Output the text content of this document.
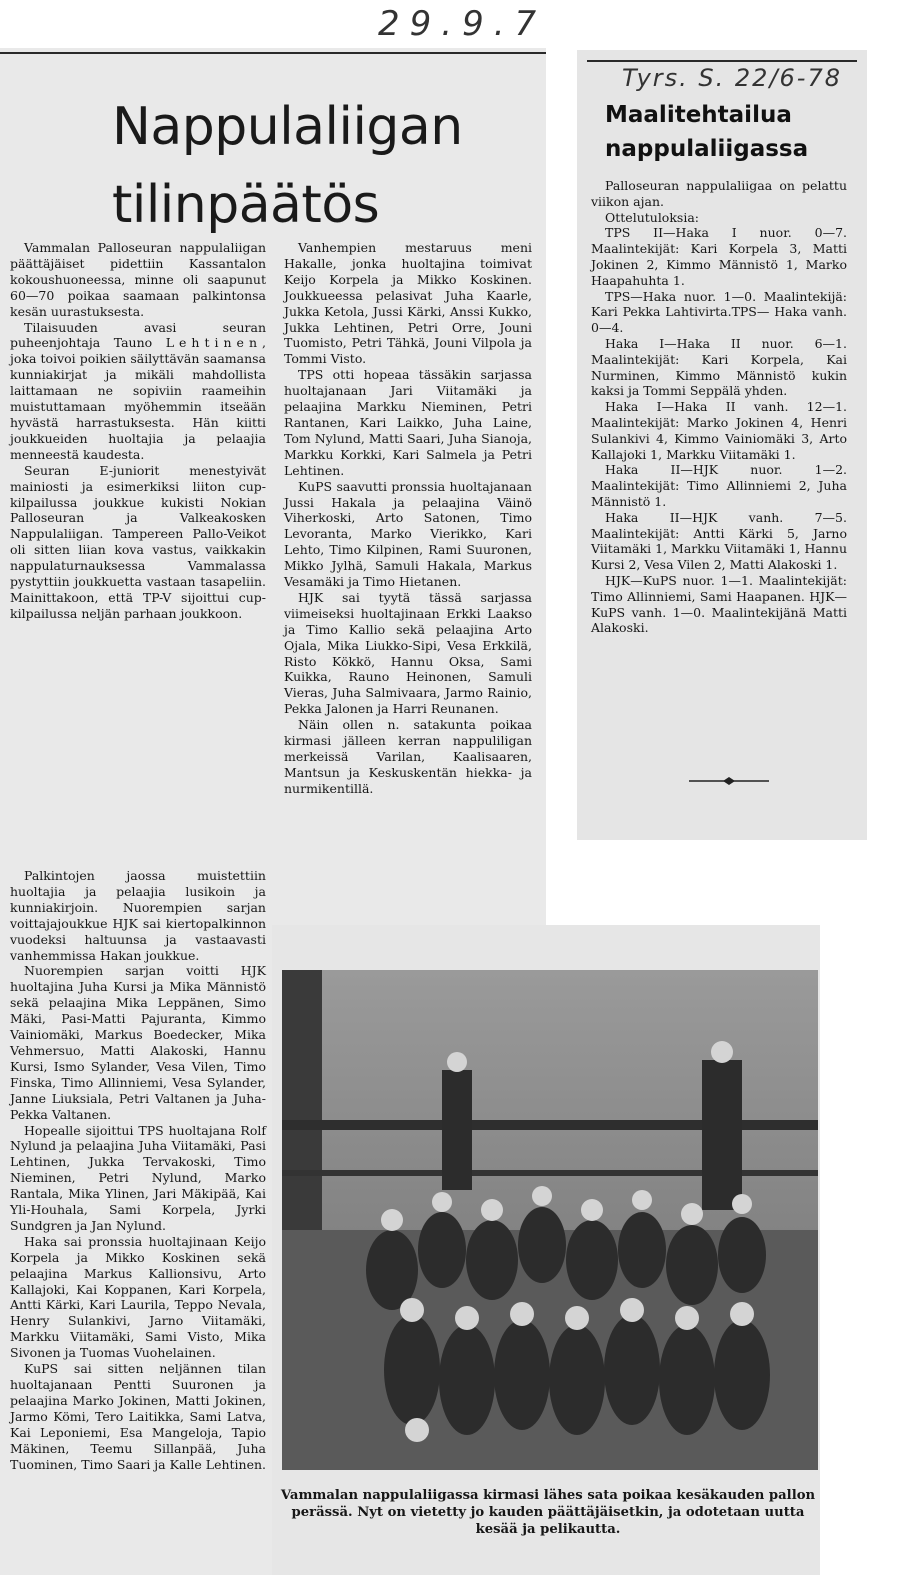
29.9.7
Nappulaliigan
tilinpäätös

Vammalan Palloseuran nappulaliigan päättäjäiset pidettiin Kassantalon kokoushuoneessa, minne oli saapunut 60—70 poikaa saamaan palkintonsa kesän uurastuksesta.

Tilaisuuden avasi seuran puheenjohtaja Tauno Lehtinen, joka toivoi poikien säilyttävän saamansa kunniakirjat ja mikäli mahdollista laittamaan ne sopiviin raameihin muistuttamaan myöhemmin itseään hyvästä harrastuksesta. Hän kiitti joukkueiden huoltajia ja pelaajia menneestä kaudesta.

Seuran E-juniorit menestyivät mainiosti ja esimerkiksi liiton cup-kilpailussa joukkue kukisti Nokian Palloseuran ja Valkeakosken Nappulaliigan. Tampereen Pallo-Veikot oli sitten liian kova vastus, vaikkakin nappulaturnauksessa Vammalassa pystyttiin joukkuetta vastaan tasapeliin. Mainittakoon, että TP-V sijoittui cup-kilpailussa neljän parhaan joukkoon.

Palkintojen jaossa muistettiin huoltajia ja pelaajia lusikoin ja kunniakirjoin. Nuorempien sarjan voittajajoukkue HJK sai kiertopalkinnon vuodeksi haltuunsa ja vastaavasti vanhemmissa Hakan joukkue.

Nuorempien sarjan voitti HJK huoltajina Juha Kursi ja Mika Männistö sekä pelaajina Mika Leppänen, Simo Mäki, Pasi-Matti Pajuranta, Kimmo Vainiomäki, Markus Boedecker, Mika Vehmersuo, Matti Alakoski, Hannu Kursi, Ismo Sylander, Vesa Vilen, Timo Finska, Timo Allinniemi, Vesa Sylander, Janne Liuksiala, Petri Valtanen ja Juha-Pekka Valtanen.

Hopealle sijoittui TPS huoltajana Rolf Nylund ja pelaajina Juha Viitamäki, Pasi Lehtinen, Jukka Tervakoski, Timo Nieminen, Petri Nylund, Marko Rantala, Mika Ylinen, Jari Mäkipää, Kai Yli-Houhala, Sami Korpela, Jyrki Sundgren ja Jan Nylund.

Haka sai pronssia huoltajinaan Keijo Korpela ja Mikko Koskinen sekä pelaajina Markus Kallionsivu, Arto Kallajoki, Kai Koppanen, Kari Korpela, Antti Kärki, Kari Laurila, Teppo Nevala, Henry Sulankivi, Jarno Viitamäki, Markku Viitamäki, Sami Visto, Mika Sivonen ja Tuomas Vuohelainen.

KuPS sai sitten neljännen tilan huoltajanaan Pentti Suuronen ja pelaajina Marko Jokinen, Matti Jokinen, Jarmo Kömi, Tero Laitikka, Sami Latva, Kai Leponiemi, Esa Mangeloja, Tapio Mäkinen, Teemu Sillanpää, Juha Tuominen, Timo Saari ja Kalle Lehtinen.

Vanhempien mestaruus meni Hakalle, jonka huoltajina toimivat Keijo Korpela ja Mikko Koskinen. Joukkueessa pelasivat Juha Kaarle, Jukka Ketola, Jussi Kärki, Anssi Kukko, Jukka Lehtinen, Petri Orre, Jouni Tuomisto, Petri Tähkä, Jouni Vilpola ja Tommi Visto.

TPS otti hopeaa tässäkin sarjassa huoltajanaan Jari Viitamäki ja pelaajina Markku Nieminen, Petri Rantanen, Kari Laikko, Juha Laine, Tom Nylund, Matti Saari, Juha Sianoja, Markku Korkki, Kari Salmela ja Petri Lehtinen.

KuPS saavutti pronssia huoltajanaan Jussi Hakala ja pelaajina Väinö Viherkoski, Arto Satonen, Timo Levoranta, Marko Vierikko, Kari Lehto, Timo Kilpinen, Rami Suuronen, Mikko Jylhä, Samuli Hakala, Markus Vesamäki ja Timo Hietanen.

HJK sai tyytä tässä sarjassa viimeiseksi huoltajinaan Erkki Laakso ja Timo Kallio sekä pelaajina Arto Ojala, Mika Liukko-Sipi, Vesa Erkkilä, Risto Kökkö, Hannu Oksa, Sami Kuikka, Rauno Heinonen, Samuli Vieras, Juha Salmivaara, Jarmo Rainio, Pekka Jalonen ja Harri Reunanen.

Näin ollen n. satakunta poikaa kirmasi jälleen kerran nappuliligan merkeissä Varilan, Kaalisaaren, Mantsun ja Keskuskentän hiekka- ja nurmikentillä.

Maalitehtailua
nappulaliigassa

Palloseuran nappulaliigaa on pelattu viikon ajan.

Ottelutuloksia:

TPS II—Haka I nuor. 0—7. Maalintekijät: Kari Korpela 3, Matti Jokinen 2, Kimmo Männistö 1, Marko Haapahuhta 1.

TPS—Haka nuor. 1—0. Maalintekijä: Kari Pekka Lahtivirta.TPS— Haka vanh. 0—4.

Haka I—Haka II nuor. 6—1. Maalintekijät: Kari Korpela, Kai Nurminen, Kimmo Männistö kukin kaksi ja Tommi Seppälä yhden.

Haka I—Haka II vanh. 12—1. Maalintekijät: Marko Jokinen 4, Henri Sulankivi 4, Kimmo Vainiomäki 3, Arto Kallajoki 1, Markku Viitamäki 1.

Haka II—HJK nuor. 1—2. Maalintekijät: Timo Allinniemi 2, Juha Männistö 1.

Haka II—HJK vanh. 7—5. Maalintekijät: Antti Kärki 5, Jarno Viitamäki 1, Markku Viitamäki 1, Hannu Kursi 2, Vesa Vilen 2, Matti Alakoski 1.

HJK—KuPS nuor. 1—1. Maalintekijät: Timo Allinniemi, Sami Haapanen. HJK—KuPS vanh. 1—0. Maalintekijänä Matti Alakoski.

Tyrs. S. 22/6-78

Vammalan nappulaliigassa kirmasi lähes sata poikaa kesäkauden pallon perässä. Nyt on vietetty jo kauden päättäjäisetkin, ja odotetaan uutta kesää ja pelikautta.
